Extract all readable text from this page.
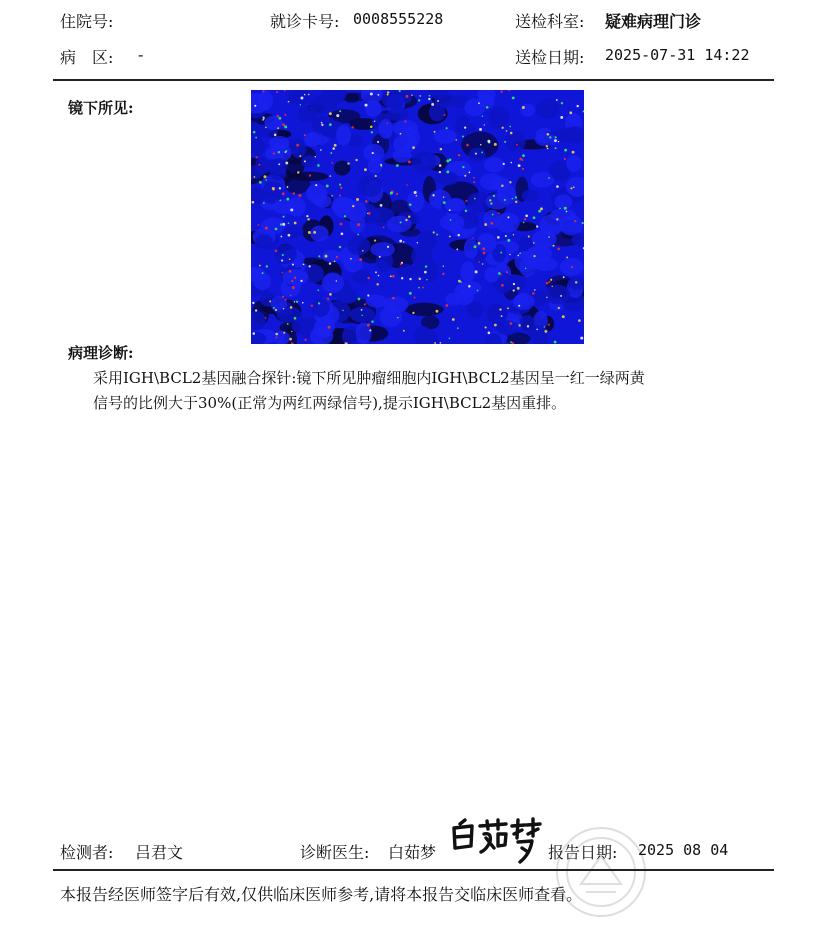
住院号:	就诊卡号: 0008555228	送检科室: 疑难病理门诊
病　区: -	送检日期: 2025-07-31 14:22
镜下所见:
病理诊断:
采用IGH\BCL2基因融合探针:镜下所见肿瘤细胞内IGH\BCL2基因呈一红一绿两黄
信号的比例大于30%(正常为两红两绿信号),提示IGH\BCL2基因重排。
检测者: 吕君文	诊断医生: 白茹梦	报告日期: 2025 08 04
本报告经医师签字后有效,仅供临床医师参考,请将本报告交临床医师查看。
